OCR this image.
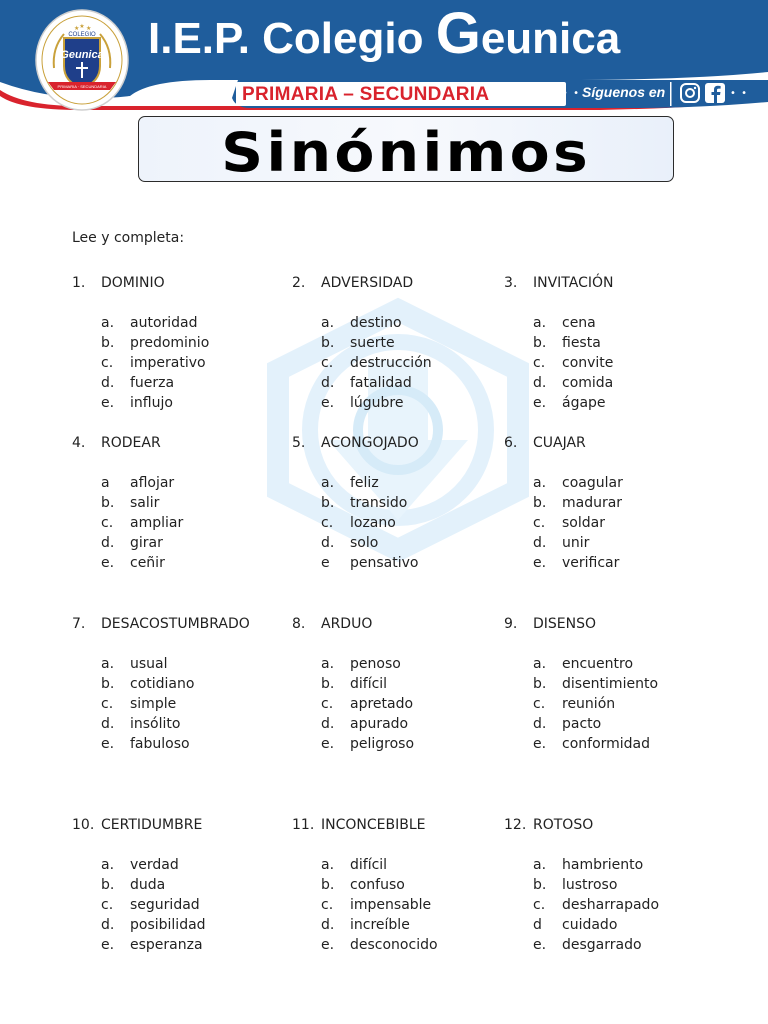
COLEGIO
Geunica
PRIMARIA · SECUNDARIA
★ ★ ★ I.E.P. Colegio Geunica
PRIMARIA – SECUNDARIA	• • Síguenos en	• •
Sinónimos
Lee y completa:
1. DOMINIO
a. autoridad
b. predominio
c. imperativo
d. fuerza
e. influjo
2. ADVERSIDAD
a. destino
b. suerte
c. destrucción
d. fatalidad
e. lúgubre
3. INVITACIÓN
a. cena
b. fiesta
c. convite
d. comida
e. ágape
4. RODEAR
a aflojar
b. salir
c. ampliar
d. girar
e. ceñir
5. ACONGOJADO
a. feliz
b. transido
c. lozano
d. solo
e pensativo
6. CUAJAR
a. coagular
b. madurar
c. soldar
d. unir
e. verificar
7. DESACOSTUMBRADO
a. usual
b. cotidiano
c. simple
d. insólito
e. fabuloso
8. ARDUO
a. penoso
b. difícil
c. apretado
d. apurado
e. peligroso
9. DISENSO
a. encuentro
b. disentimiento
c. reunión
d. pacto
e. conformidad
10. CERTIDUMBRE
a. verdad
b. duda
c. seguridad
d. posibilidad
e. esperanza
11. INCONCEBIBLE
a. difícil
b. confuso
c. impensable
d. increíble
e. desconocido
12. ROTOSO
a. hambriento
b. lustroso
c. desharrapado
d cuidado
e. desgarrado
